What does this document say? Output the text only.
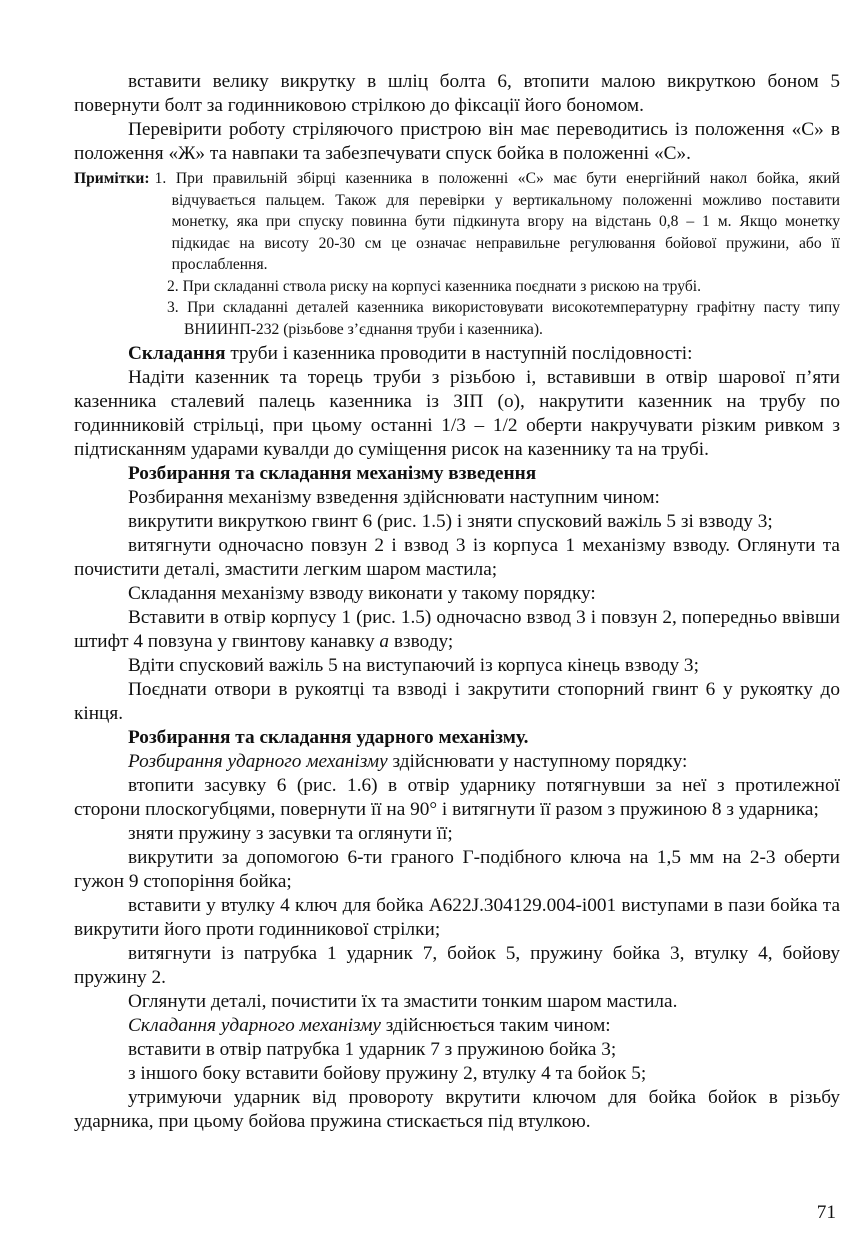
вставити велику викрутку в шліц болта 6, втопити малою викруткою боном 5 повернути болт за годинниковою стрілкою до фіксації його бономом.

Перевірити роботу стріляючого пристрою він має переводитись із положення «С» в положення «Ж» та навпаки та забезпечувати спуск бойка в положенні «С».

Примітки: 1. При правильній збірці казенника в положенні «С» має бути енергійний накол бойка, який відчувається пальцем. Також для перевірки у вертикальному положенні можливо поставити монетку, яка при спуску повинна бути підкинута вгору на відстань 0,8 – 1 м. Якщо монетку підкидає на висоту 20-30 см це означає неправильне регулювання бойової пружини, або її прослаблення.
2. При складанні ствола риску на корпусі казенника поєднати з рискою на трубі.
3. При складанні деталей казенника використовувати високотемпературну графітну пасту типу ВНИИНП-232 (різьбове з’єднання труби і казенника).

Складання труби і казенника проводити в наступній послідовності:

Надіти казенник та торець труби з різьбою і, вставивши в отвір шарової п’яти казенника сталевий палець казенника із ЗІП (о), накрутити казенник на трубу по годинниковій стрільці, при цьому останні 1/3 – 1/2 оберти накручувати різким ривком з підтисканням ударами кувалди до суміщення рисок на казеннику та на трубі.

Розбирання та складання механізму взведення

Розбирання механізму взведення здійснювати наступним чином:

викрутити викруткою гвинт 6 (рис. 1.5) і зняти спусковий важіль 5 зі взводу 3;

витягнути одночасно повзун 2 і взвод 3 із корпуса 1 механізму взводу. Оглянути та почистити деталі, змастити легким шаром мастила;

Складання механізму взводу виконати у такому порядку:

Вставити в отвір корпусу 1 (рис. 1.5) одночасно взвод 3 і повзун 2, попередньо ввівши штифт 4 повзуна у гвинтову канавку а взводу;

Вдіти спусковий важіль 5 на виступаючий із корпуса кінець взводу 3;

Поєднати отвори в рукоятці та взводі і закрутити стопорний гвинт 6 у рукоятку до кінця.

Розбирання та складання ударного механізму.

Розбирання ударного механізму здійснювати у наступному порядку:

втопити засувку 6 (рис. 1.6) в отвір ударнику потягнувши за неї з протилежної сторони плоскогубцями, повернути її на 90° і витягнути її разом з пружиною 8 з ударника;

зняти пружину з засувки та оглянути її;

викрутити за допомогою 6-ти граного Г-подібного ключа на 1,5 мм на 2-3 оберти гужон 9 стопоріння бойка;

вставити у втулку 4 ключ для бойка А622J.304129.004-і001 виступами в пази бойка та викрутити його проти годинникової стрілки;

витягнути із патрубка 1 ударник 7, бойок 5, пружину бойка 3, втулку 4, бойову пружину 2.

Оглянути деталі, почистити їх та змастити тонким шаром мастила.

Складання ударного механізму здійснюється таким чином:

вставити в отвір патрубка 1 ударник 7 з пружиною бойка 3;

з іншого боку вставити бойову пружину 2, втулку 4 та бойок 5;

утримуючи ударник від провороту вкрутити ключом для бойка бойок в різьбу ударника, при цьому бойова пружина стискається під втулкою.

71
